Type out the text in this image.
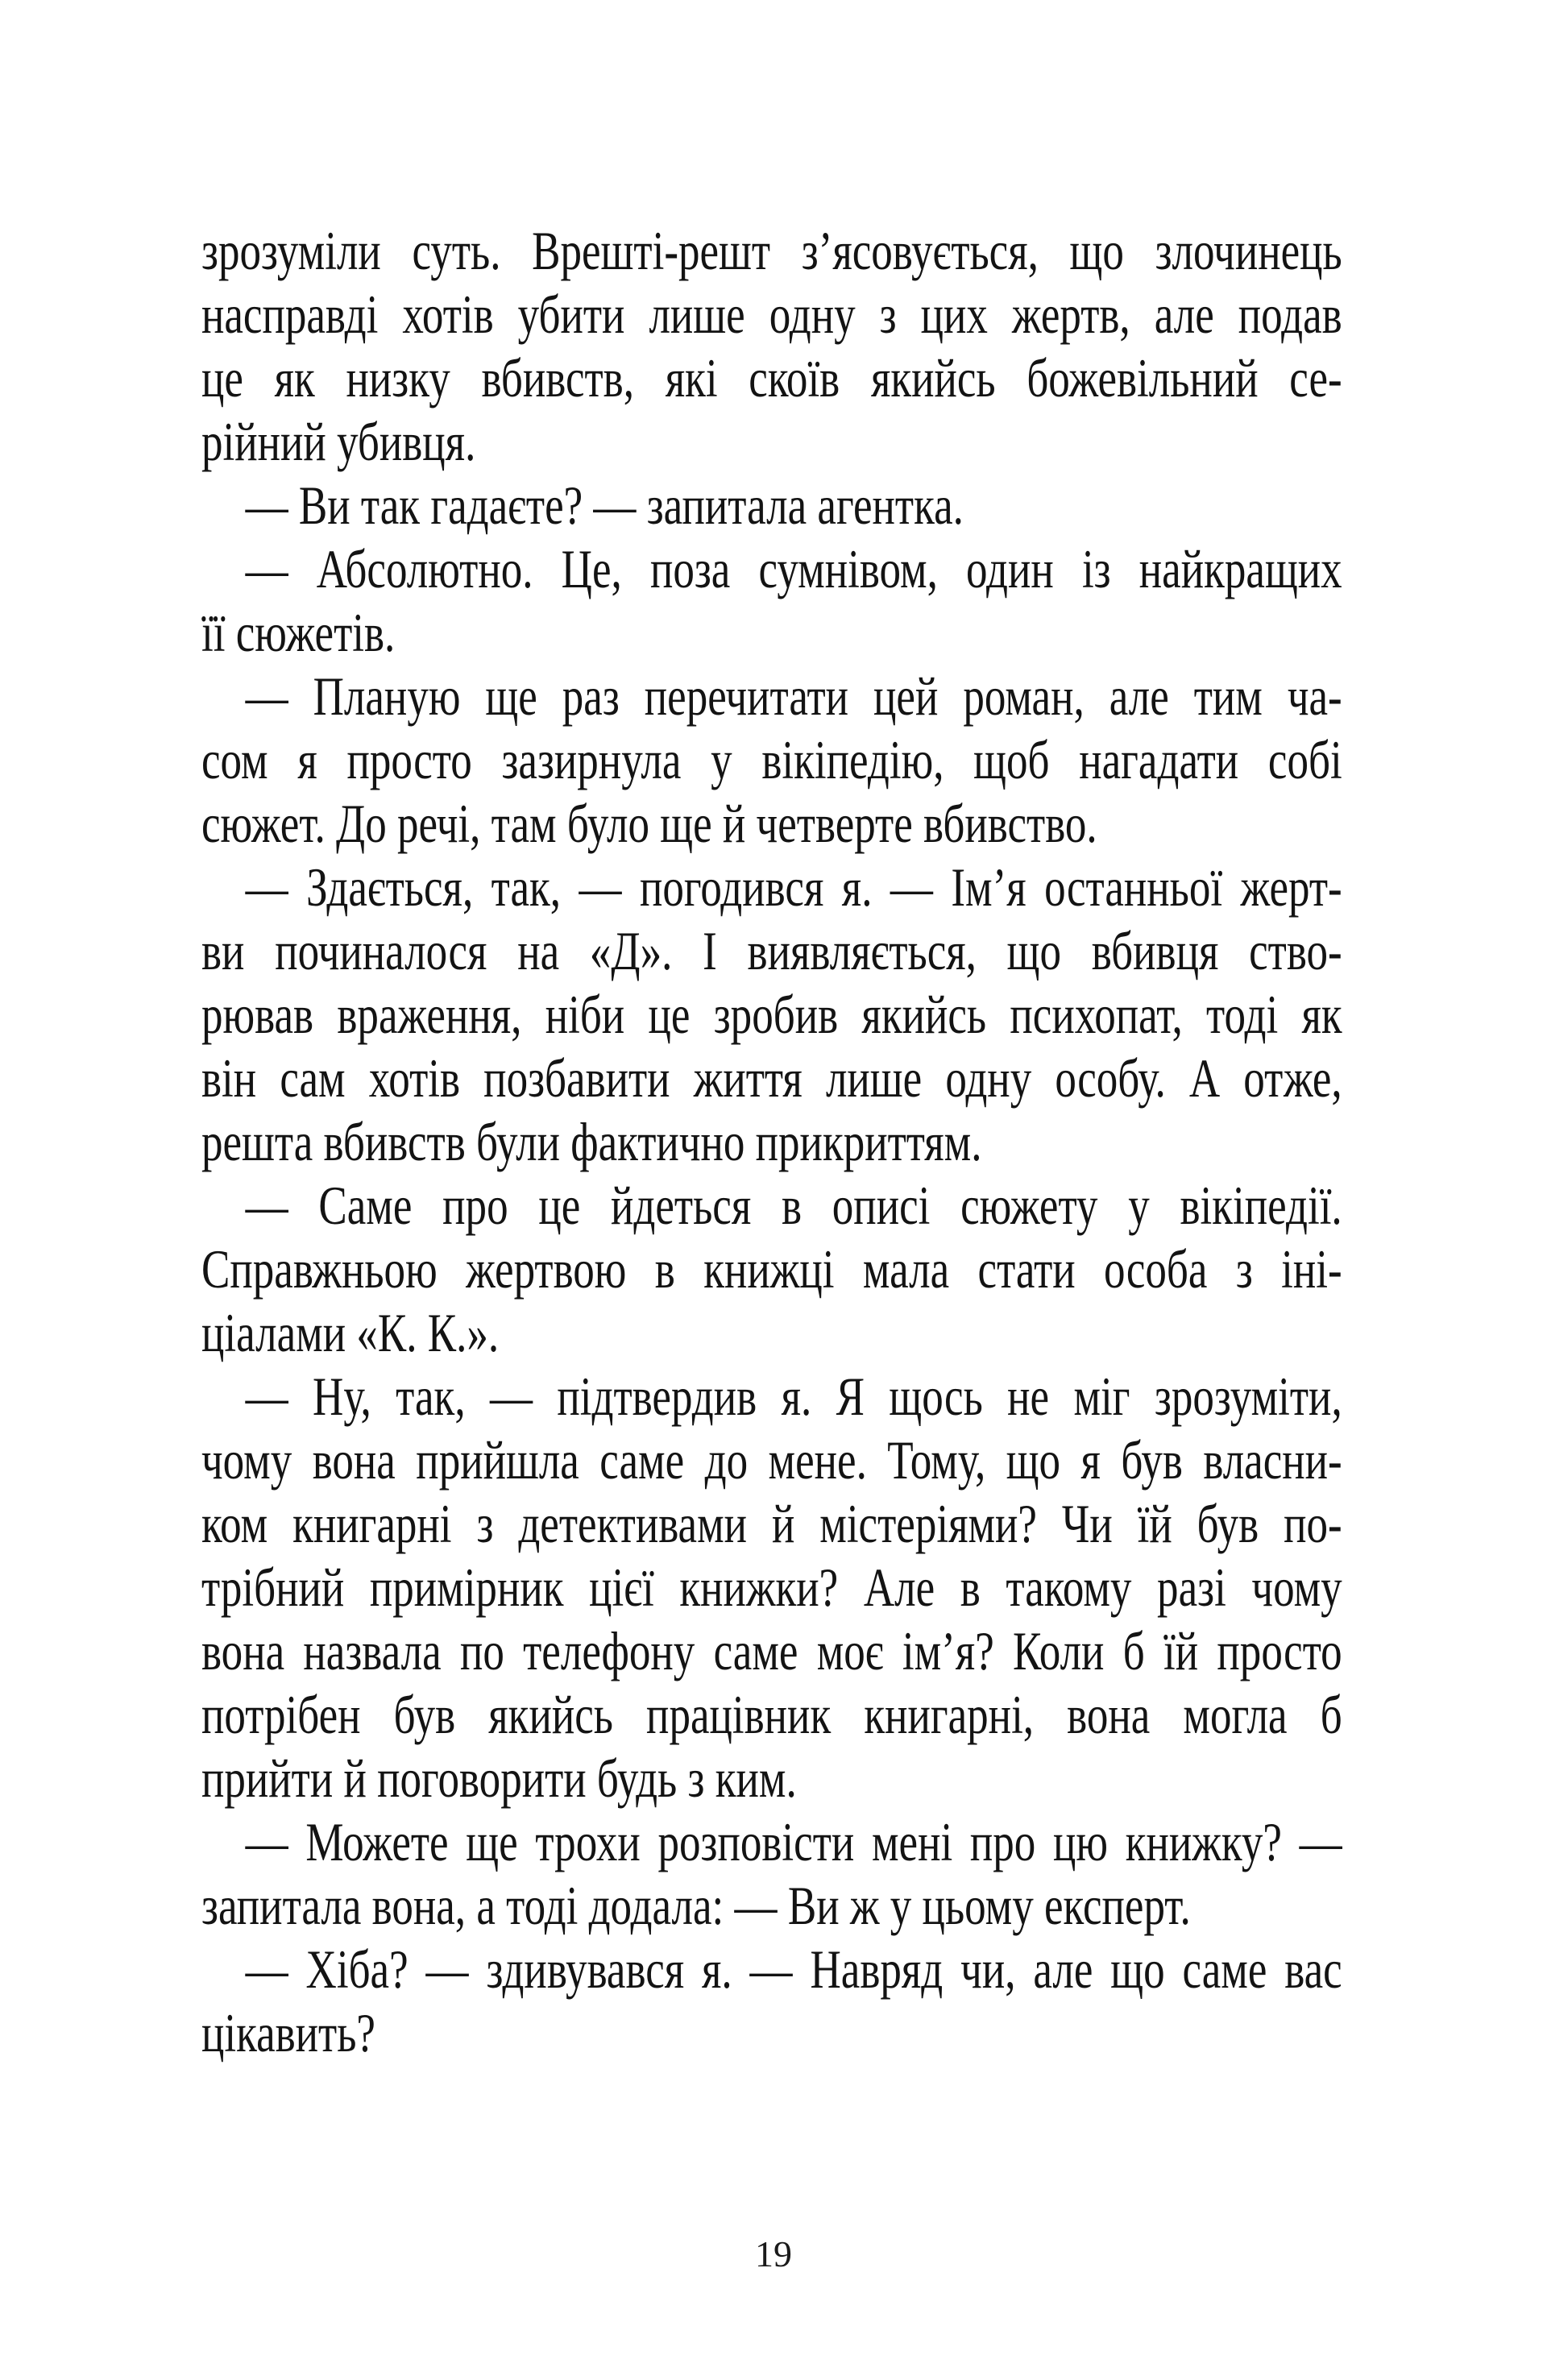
зрозуміли суть. Врешті-решт з’ясовується, що злочинець
насправді хотів убити лише одну з цих жертв, але подав
це як низку вбивств, які скоїв якийсь божевільний се-
рійний убивця.
— Ви так гадаєте? — запитала агентка.
— Абсолютно. Це, поза сумнівом, один із найкращих
її сюжетів.
— Планую ще раз перечитати цей роман, але тим ча-
сом я просто зазирнула у вікіпедію, щоб нагадати собі
сюжет. До речі, там було ще й четверте вбивство.
— Здається, так, — погодився я. — Ім’я останньої жерт-
ви починалося на «Д». І виявляється, що вбивця ство-
рював враження, ніби це зробив якийсь психопат, тоді як
він сам хотів позбавити життя лише одну особу. А отже,
решта вбивств були фактично прикриттям.
— Саме про це йдеться в описі сюжету у вікіпедії.
Справжньою жертвою в книжці мала стати особа з іні-
ціалами «К. К.».
— Ну, так, — підтвердив я. Я щось не міг зрозуміти,
чому вона прийшла саме до мене. Тому, що я був власни-
ком книгарні з детективами й містеріями? Чи їй був по-
трібний примірник цієї книжки? Але в такому разі чому
вона назвала по телефону саме моє ім’я? Коли б їй просто
потрібен був якийсь працівник книгарні, вона могла б
прийти й поговорити будь з ким.
— Можете ще трохи розповісти мені про цю книжку? —
запитала вона, а тоді додала: — Ви ж у цьому експерт.
— Хіба? — здивувався я. — Навряд чи, але що саме вас
цікавить?
19
